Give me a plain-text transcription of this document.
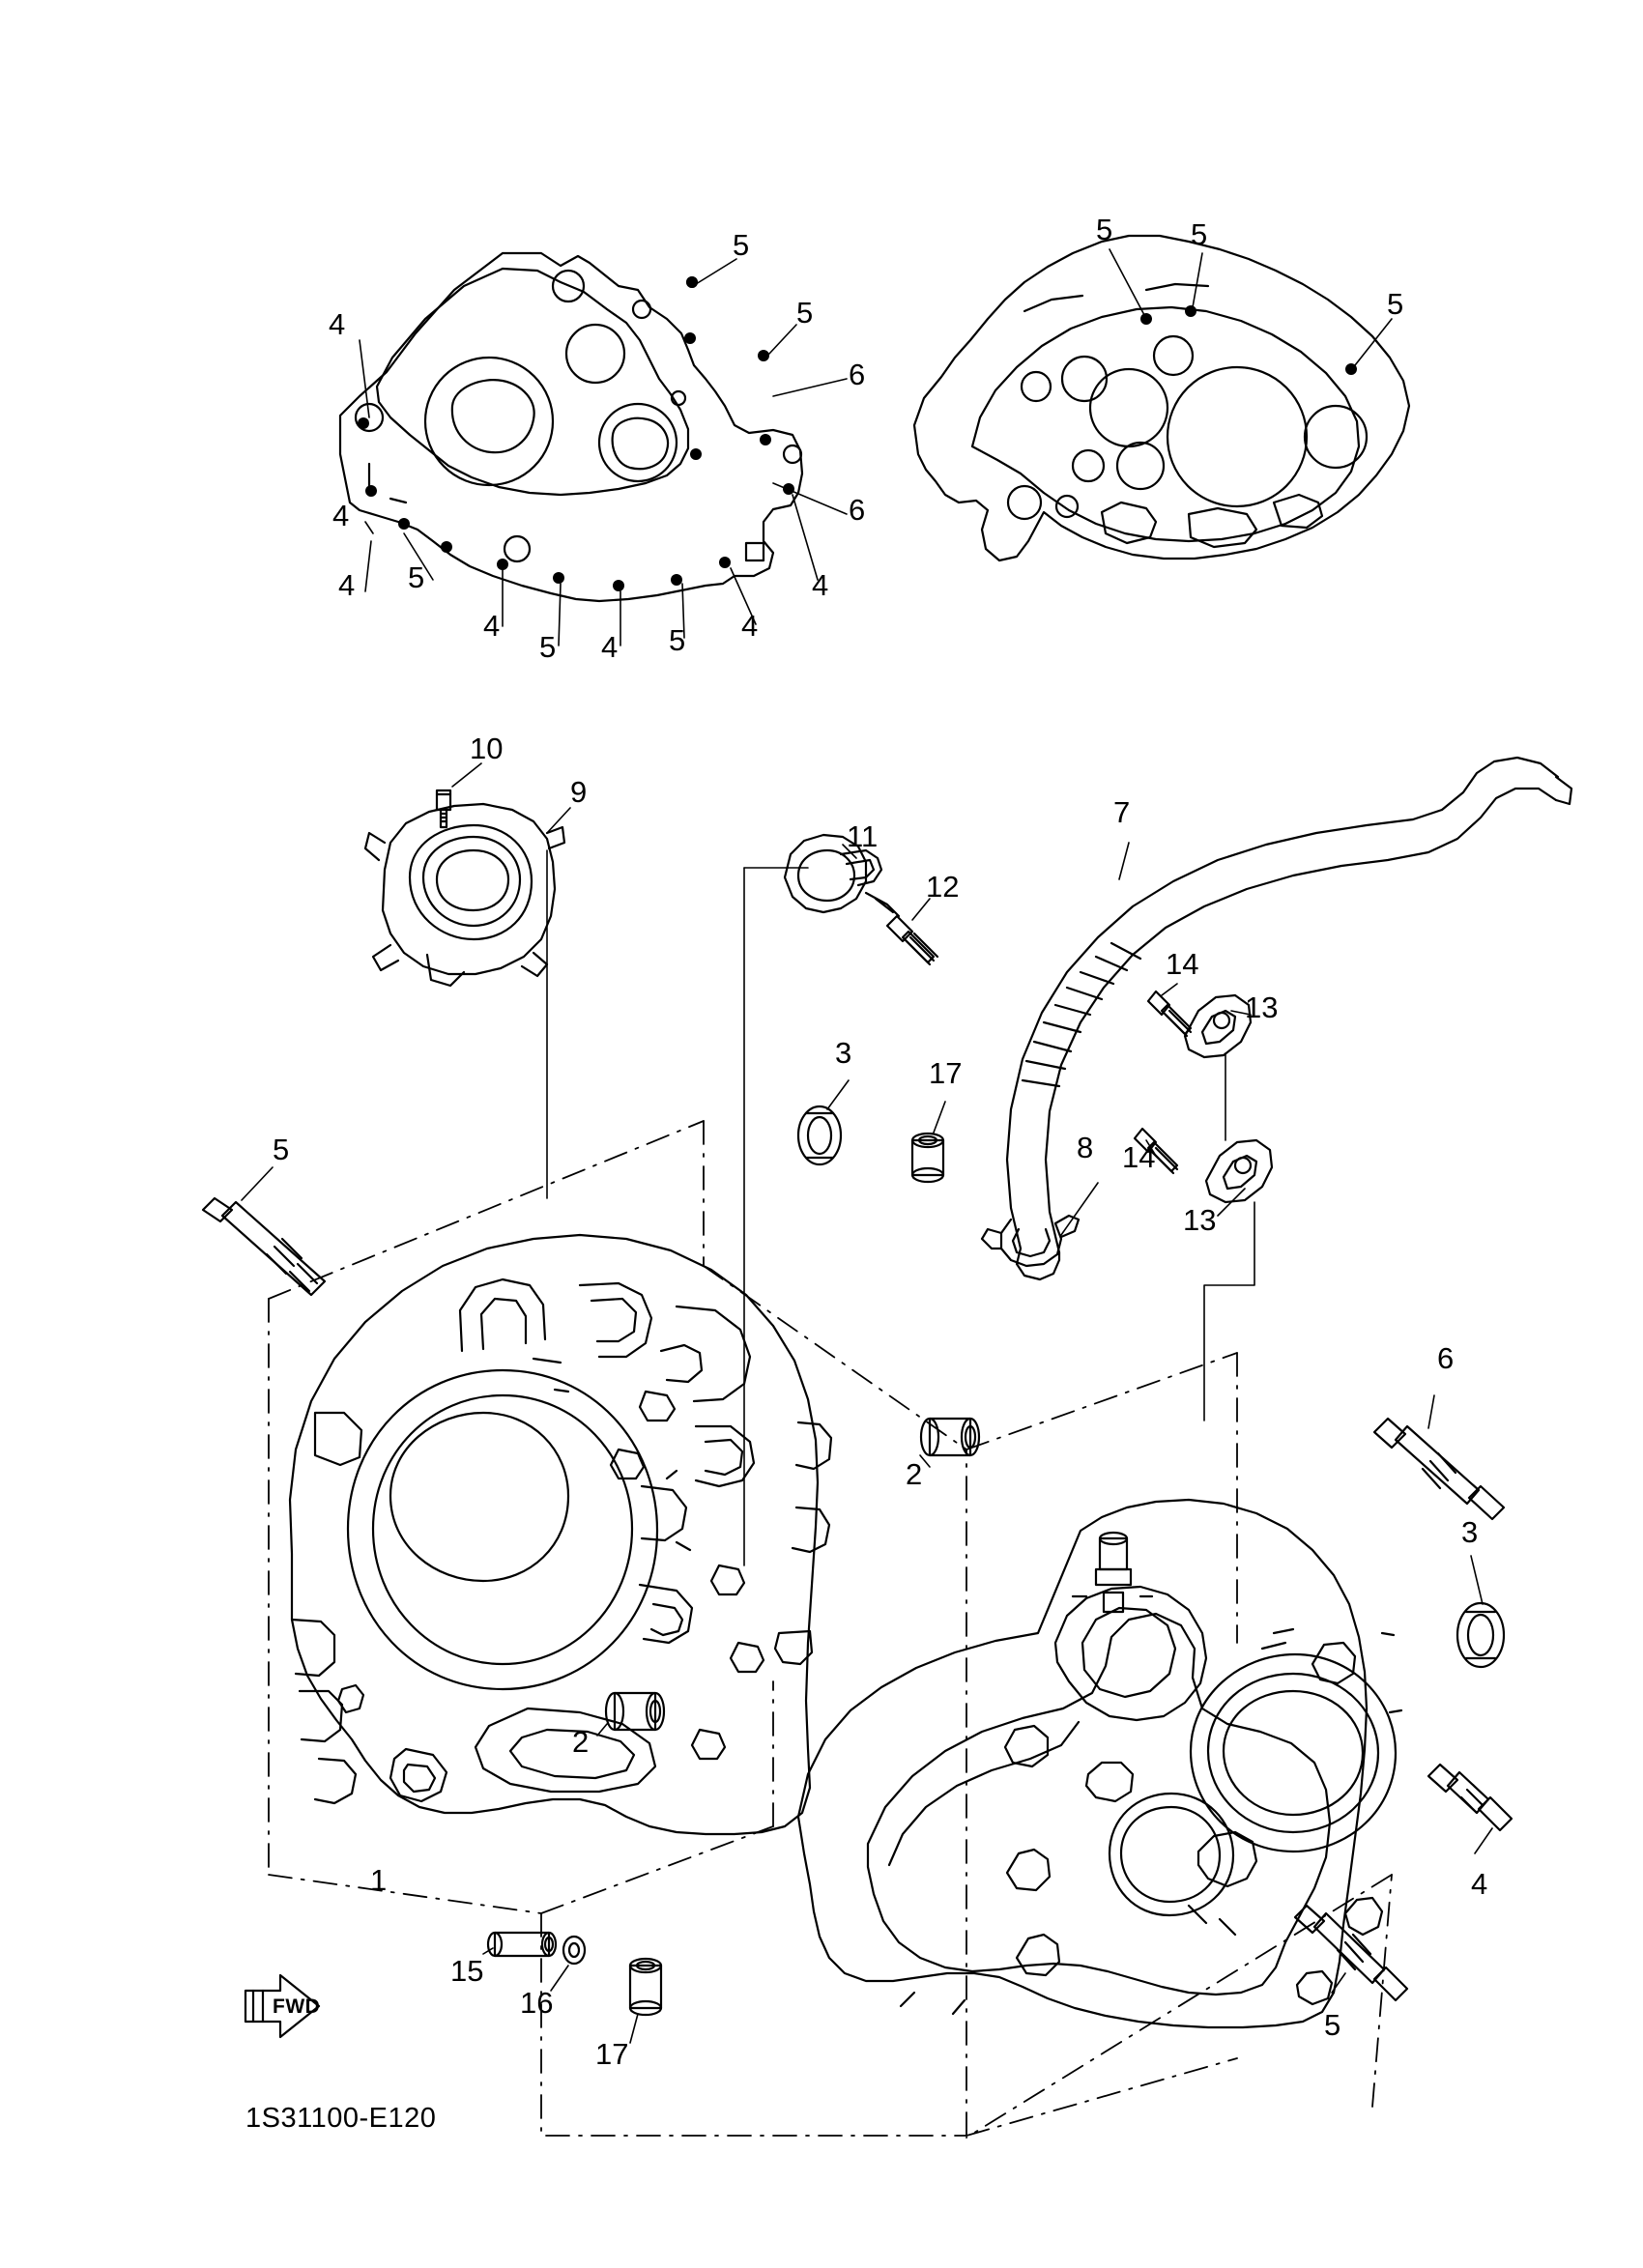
5
4	5
6
6
4
5
4
4
5 4 5 4
4
5	5
5
10
9
11
12
7
14
13
3
17
8 14
13
5
6
2
3
2
4
1
15
16
17
5
FWD
1S31100-E120
